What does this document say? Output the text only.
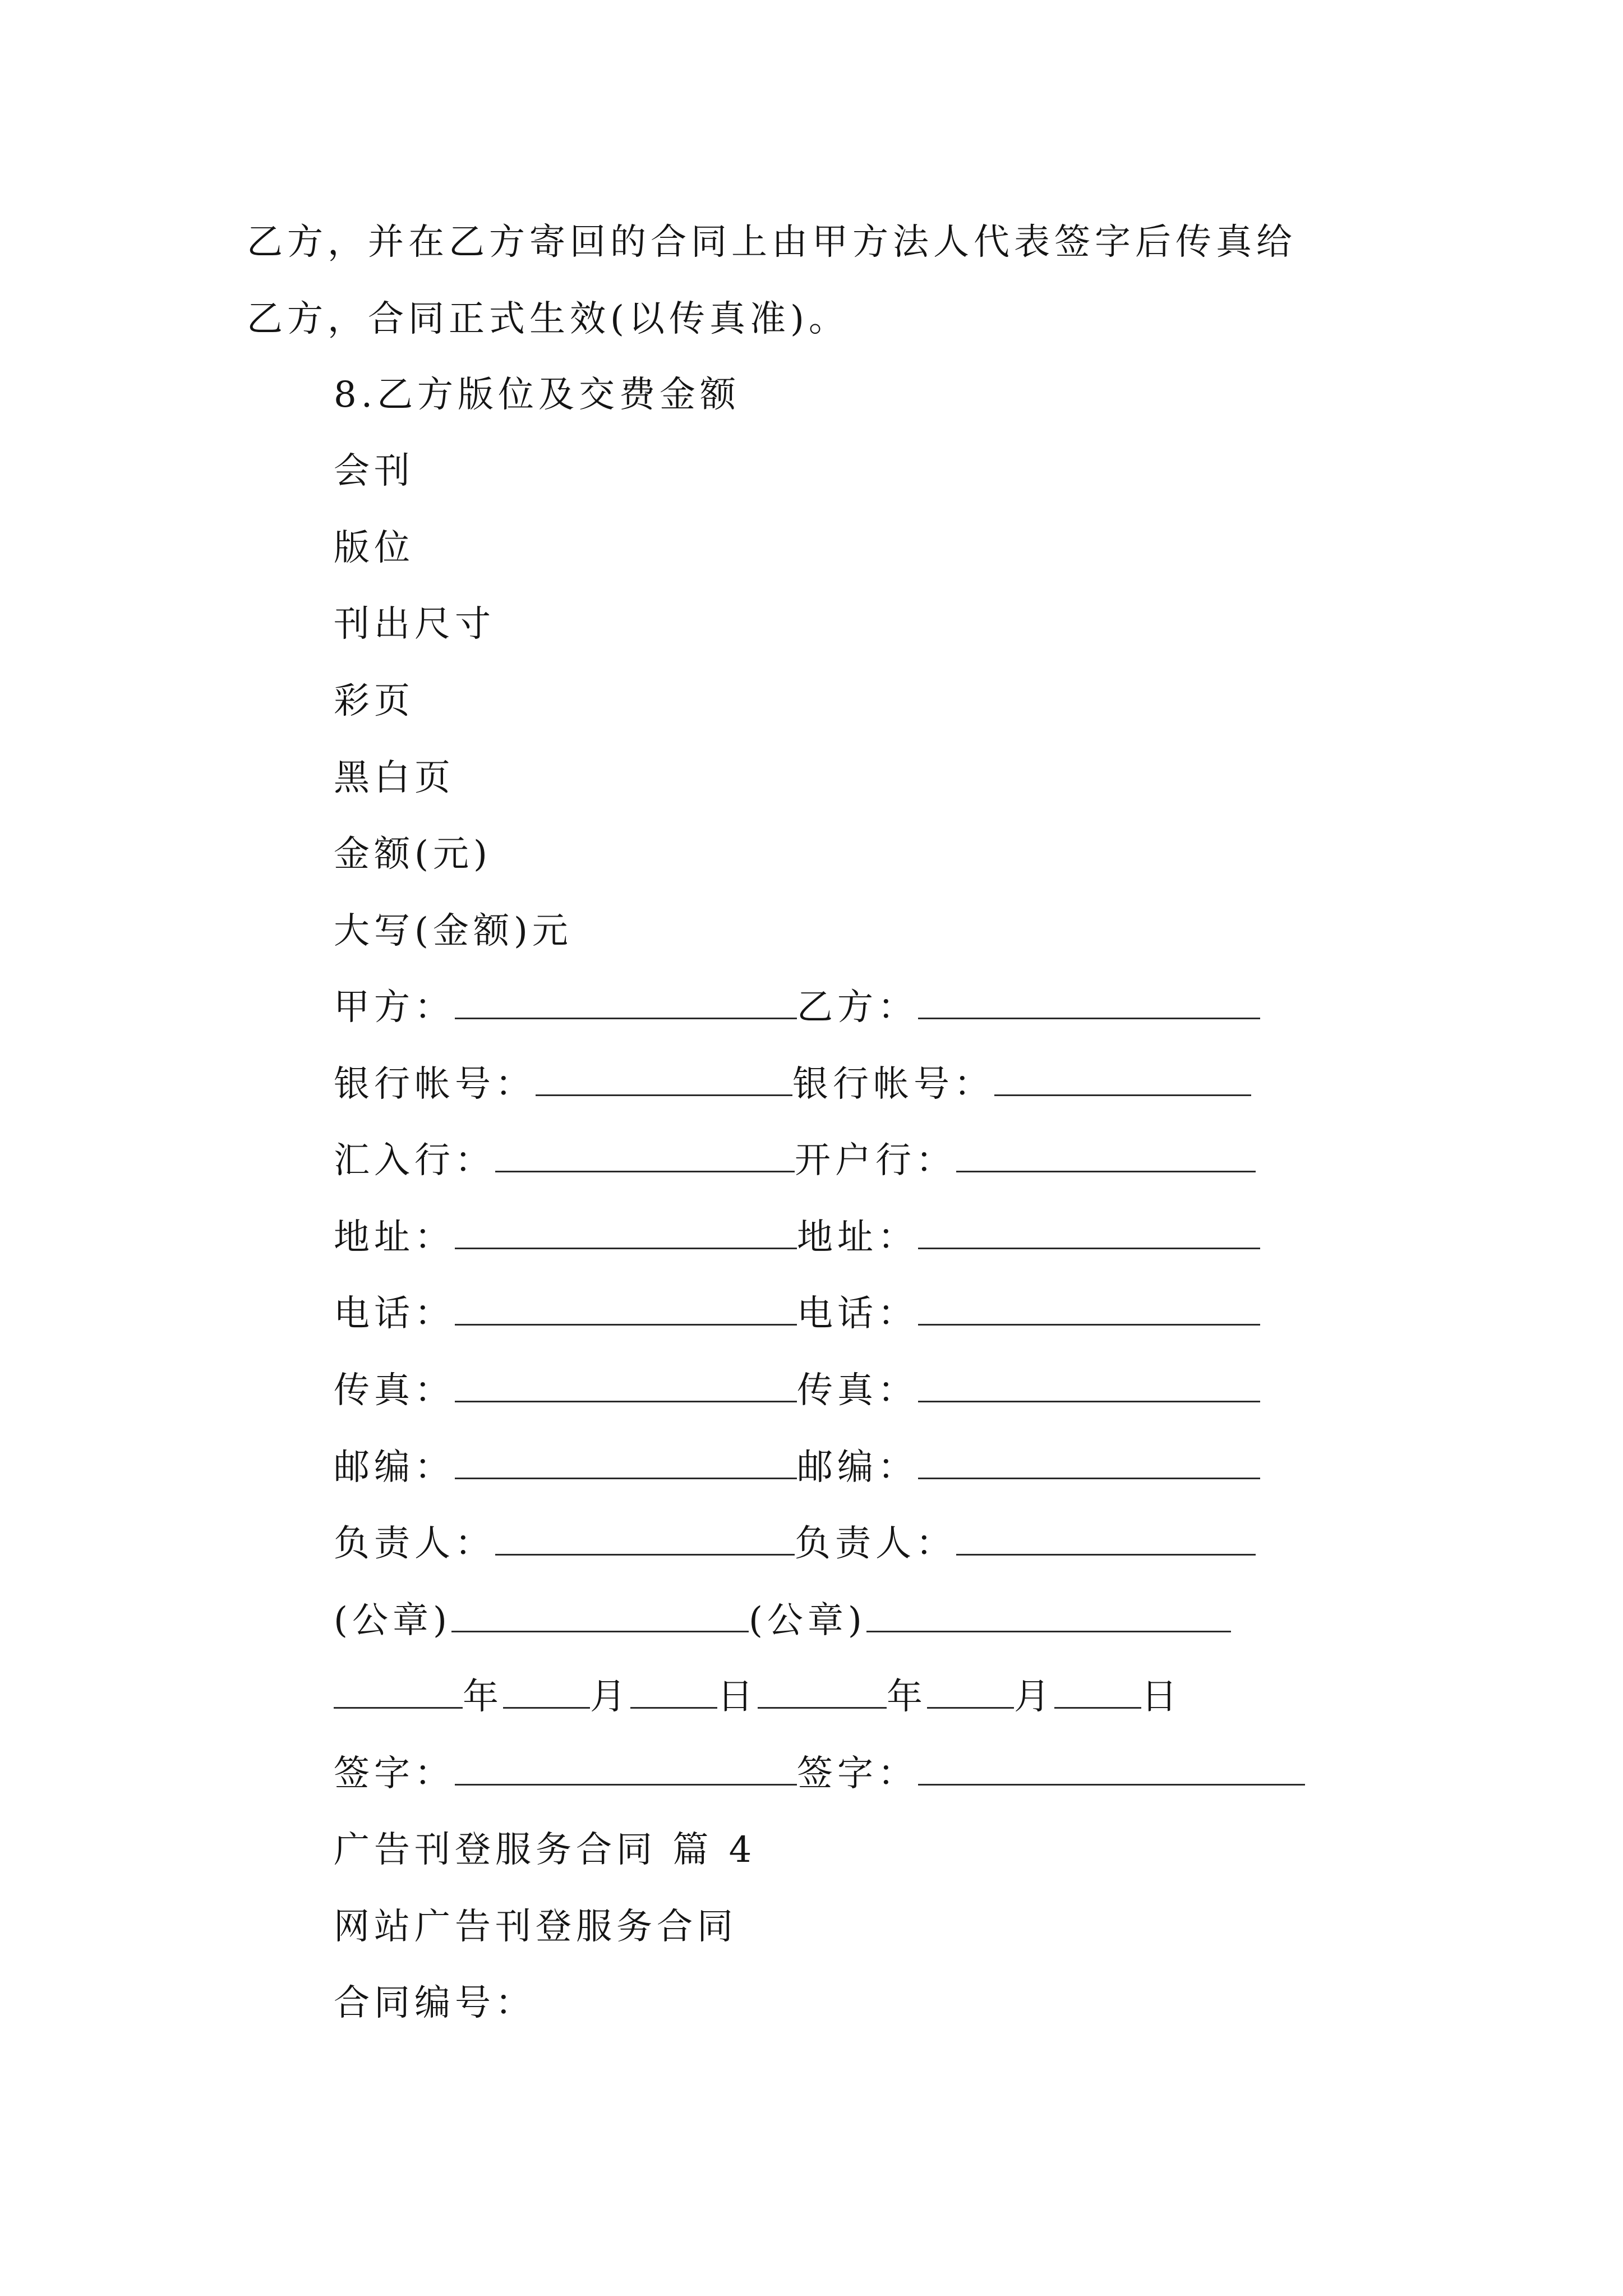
乙方，并在乙方寄回的合同上由甲方法人代表签字后传真给
乙方，合同正式生效(以传真准)。
8.乙方版位及交费金额
会刊
版位
刊出尺寸
彩页
黑白页
金额(元)
大写(金额)元
甲方：	乙方：
银行帐号：	银行帐号：
汇入行：	开户行：
地址：	地址：
电话：	电话：
传真：	传真：
邮编：	邮编：
负责人：	负责人：
(公章)	(公章)
年 月 日	年 月 日
签字：	签字：
广告刊登服务合同 篇 4
网站广告刊登服务合同
合同编号：
